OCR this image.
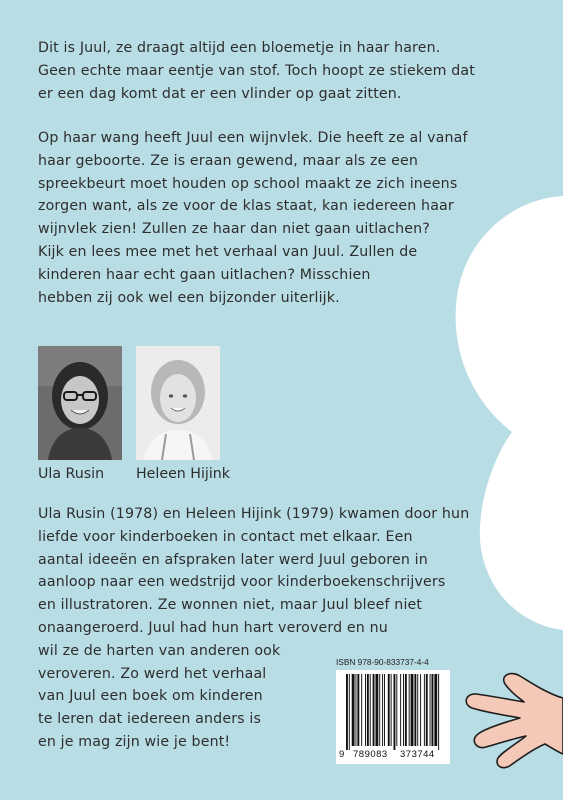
Dit is Juul, ze draagt altijd een bloemetje in haar haren.
Geen echte maar eentje van stof. Toch hoopt ze stiekem dat
er een dag komt dat er een vlinder op gaat zitten.
Op haar wang heeft Juul een wijnvlek. Die heeft ze al vanaf
haar geboorte. Ze is eraan gewend, maar als ze een
spreekbeurt moet houden op school maakt ze zich ineens
zorgen want, als ze voor de klas staat, kan iedereen haar
wijnvlek zien! Zullen ze haar dan niet gaan uitlachen?
Kijk en lees mee met het verhaal van Juul. Zullen de
kinderen haar echt gaan uitlachen? Misschien
hebben zij ook wel een bijzonder uiterlijk.

Ula Rusin Heleen Hijink

Ula Rusin (1978) en Heleen Hijink (1979) kwamen door hun
liefde voor kinderboeken in contact met elkaar. Een
aantal ideeën en afspraken later werd Juul geboren in
aanloop naar een wedstrijd voor kinderboekenschrijvers
en illustratoren. Ze wonnen niet, maar Juul bleef niet
onaangeroerd. Juul had hun hart veroverd en nu
wil ze de harten van anderen ook
veroveren. Zo werd het verhaal
van Juul een boek om kinderen
te leren dat iedereen anders is
en je mag zijn wie je bent!

ISBN 978-90-833737-4-4

9 789083 373744
